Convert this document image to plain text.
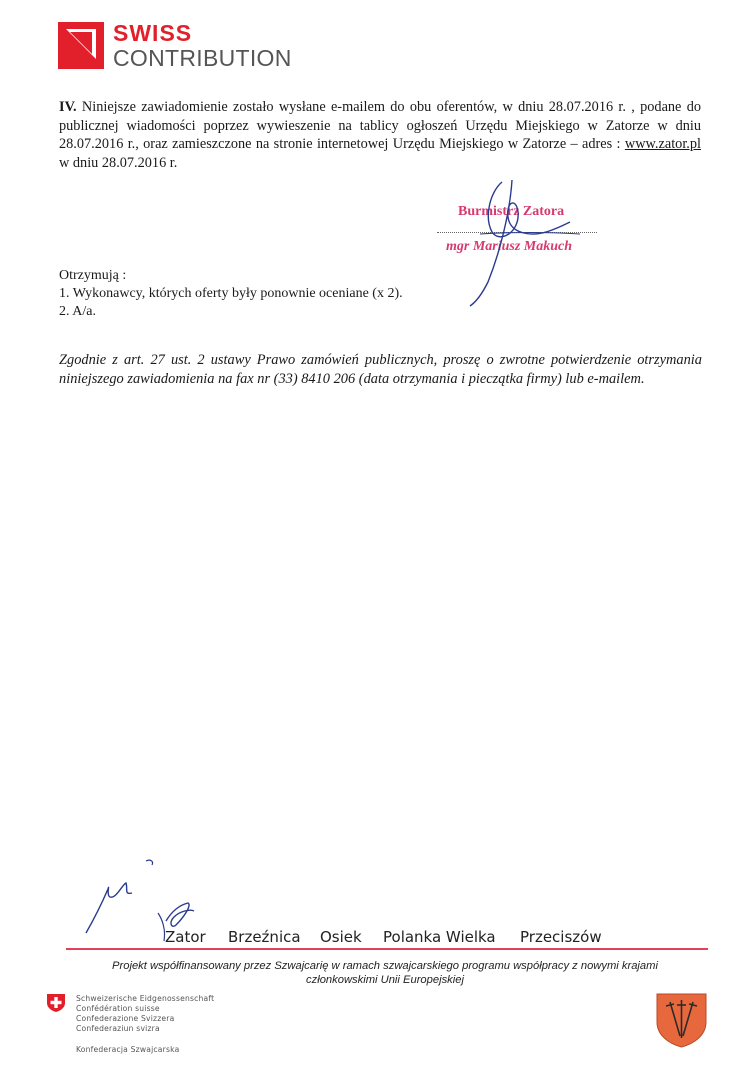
SWISS
CONTRIBUTION
IV. Niniejsze zawiadomienie zostało wysłane e-mailem do obu oferentów, w dniu 28.07.2016 r. , podane do publicznej wiadomości poprzez wywieszenie na tablicy ogłoszeń Urzędu Miejskiego w Zatorze w dniu 28.07.2016 r., oraz zamieszczone na stronie internetowej Urzędu Miejskiego w Zatorze – adres : www.zator.pl w dniu 28.07.2016 r.
Burmistrz Zatora
mgr Mariusz Makuch
Otrzymują :
1. Wykonawcy, których oferty były ponownie oceniane (x 2).
2. A/a.
Zgodnie z art. 27 ust. 2 ustawy Prawo zamówień publicznych, proszę o zwrotne potwierdzenie otrzymania niniejszego zawiadomienia na fax nr (33) 8410 206 (data otrzymania i pieczątka firmy) lub e-mailem.
Zator Brzeźnica Osiek Polanka Wielka Przeciszów
Projekt współfinansowany przez Szwajcarię w ramach szwajcarskiego programu współpracy z nowymi krajami
członkowskimi Unii Europejskiej
Schweizerische Eidgenossenschaft
Confédération suisse
Confederazione Svizzera
Confederaziun svizra
Konfederacja Szwajcarska
